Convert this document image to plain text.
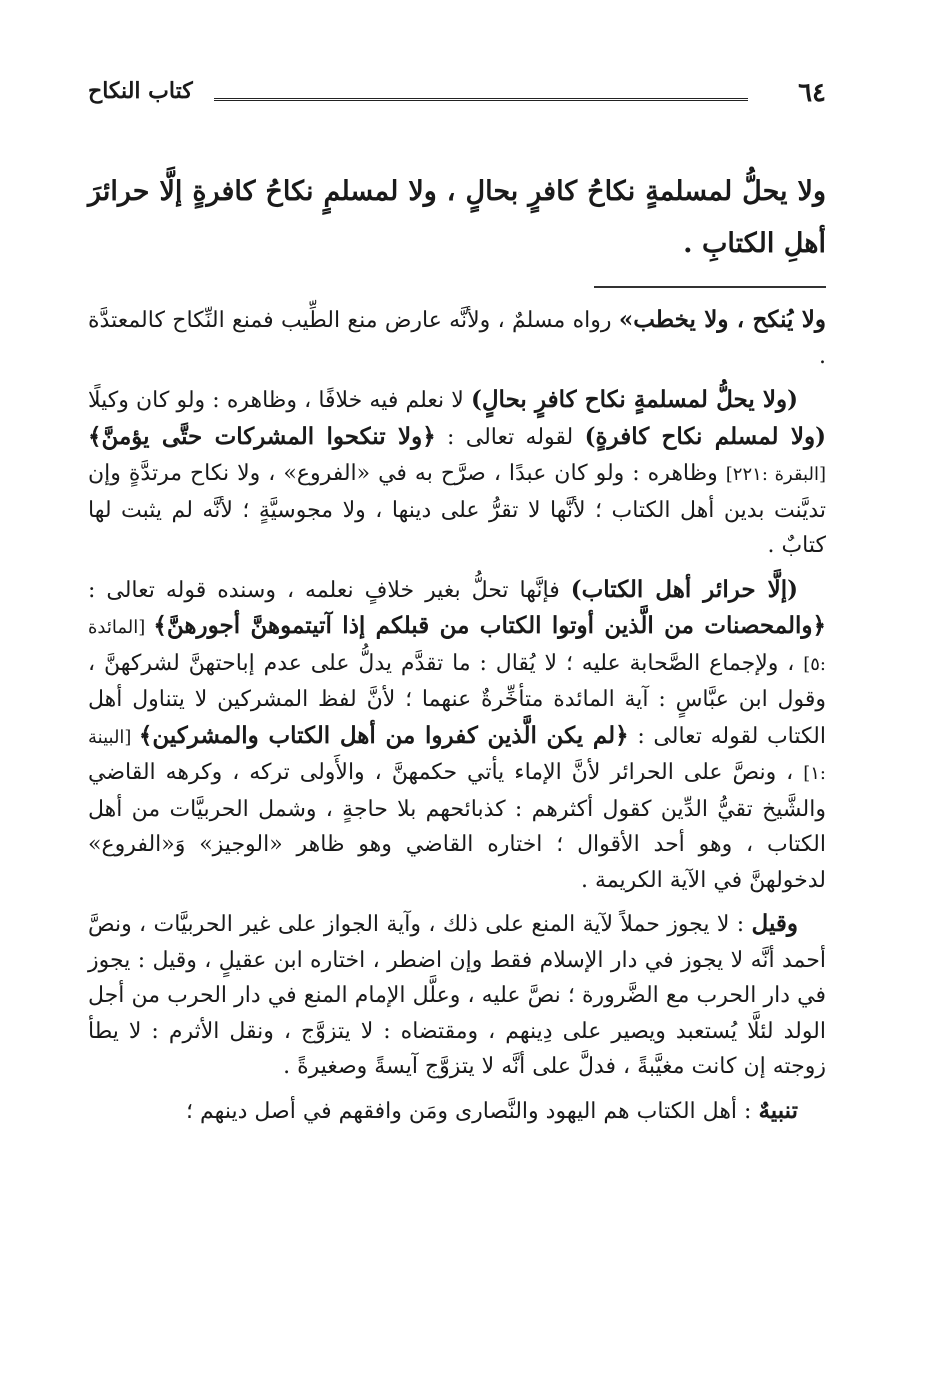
٦٤
كتاب النكاح
ولا يحلُّ لمسلمةٍ نكاحُ كافرٍ بحالٍ ، ولا لمسلمٍ نكاحُ كافرةٍ إلَّا حرائرَ أهلِ الكتابِ .

ولا يُنكح ، ولا يخطب» رواه مسلمٌ ، ولأنَّه عارض منع الطِّيب فمنع النِّكاح كالمعتدَّة .

(ولا يحلُّ لمسلمةٍ نكاح كافرٍ بحالٍ) لا نعلم فيه خلافًا ، وظاهره : ولو كان وكيلًا (ولا لمسلم نكاح كافرةٍ) لقوله تعالى : ﴿ولا تنكحوا المشركات حتَّى يؤمنَّ﴾ [البقرة :٢٢١] وظاهره : ولو كان عبدًا ، صرَّح به في «الفروع» ، ولا نكاح مرتدَّةٍ وإن تديَّنت بدين أهل الكتاب ؛ لأنَّها لا تقرُّ على دينها ، ولا مجوسيَّةٍ ؛ لأنَّه لم يثبت لها كتابٌ .

(إلَّا حرائر أهل الكتاب) فإنَّها تحلُّ بغير خلافٍ نعلمه ، وسنده قوله تعالى : ﴿والمحصنات من الَّذين أوتوا الكتاب من قبلكم إذا آتيتموهنَّ أجورهنَّ﴾ [المائدة :٥] ، ولإجماع الصَّحابة عليه ؛ لا يُقال : ما تقدَّم يدلُّ على عدم إباحتهنَّ لشركهنَّ ، وقول ابن عبَّاسٍ : آية المائدة متأخِّرةٌ عنهما ؛ لأنَّ لفظ المشركين لا يتناول أهل الكتاب لقوله تعالى : ﴿لم يكن الَّذين كفروا من أهل الكتاب والمشركين﴾ [البينة :١] ، ونصَّ على الحرائر لأنَّ الإماء يأتي حكمهنَّ ، والأَولى تركه ، وكرهه القاضي والشَّيخ تقيُّ الدِّين كقول أكثرهم : كذبائحهم بلا حاجةٍ ، وشمل الحربيَّات من أهل الكتاب ، وهو أحد الأقوال ؛ اختاره القاضي وهو ظاهر «الوجيز» وَ«الفروع» لدخولهنَّ في الآية الكريمة .

وقيل : لا يجوز حملاً لآية المنع على ذلك ، وآية الجواز على غير الحربيَّات ، ونصَّ أحمد أنَّه لا يجوز في دار الإسلام فقط وإن اضطر ، اختاره ابن عقيلٍ ، وقيل : يجوز في دار الحرب مع الضَّرورة ؛ نصَّ عليه ، وعلَّل الإمام المنع في دار الحرب من أجل الولد لئلَّا يُستعبد ويصير على دِينهم ، ومقتضاه : لا يتزوَّج ، ونقل الأثرم : لا يطأ زوجته إن كانت مغيَّبةً ، فدلَّ على أنَّه لا يتزوَّج آيسةً وصغيرةً .

تنبيهٌ : أهل الكتاب هم اليهود والنَّصارى ومَن وافقهم في أصل دينهم ؛
